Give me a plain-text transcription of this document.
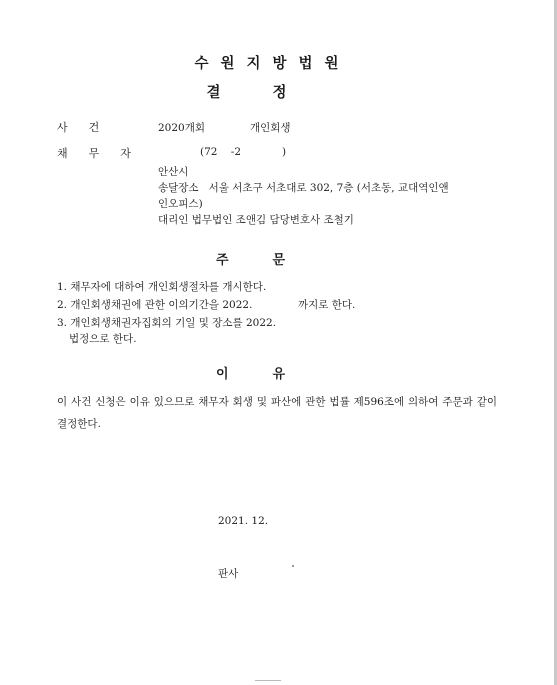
수원지방법원
결정
사건	2020개회	개인회생
채무자	(72    -2	)
안산시
송달장소   서울 서초구 서초대로 302, 7층 (서초동, 교대역인앤
인오피스)
대리인 법무법인 조앤김 담당변호사 조철기
주문
1. 채무자에 대하여 개인회생절차를 개시한다.
2. 개인회생채권에 관한 이의기간을 2022.	까지로 한다.
3. 개인회생채권자집회의 기일 및 장소를 2022.
법정으로 한다.
이유
이 사건 신청은 이유 있으므로 채무자 회생 및 파산에 관한 법률 제596조에 의하여 주문과 같이 결정한다.
2021. 12.
판사
